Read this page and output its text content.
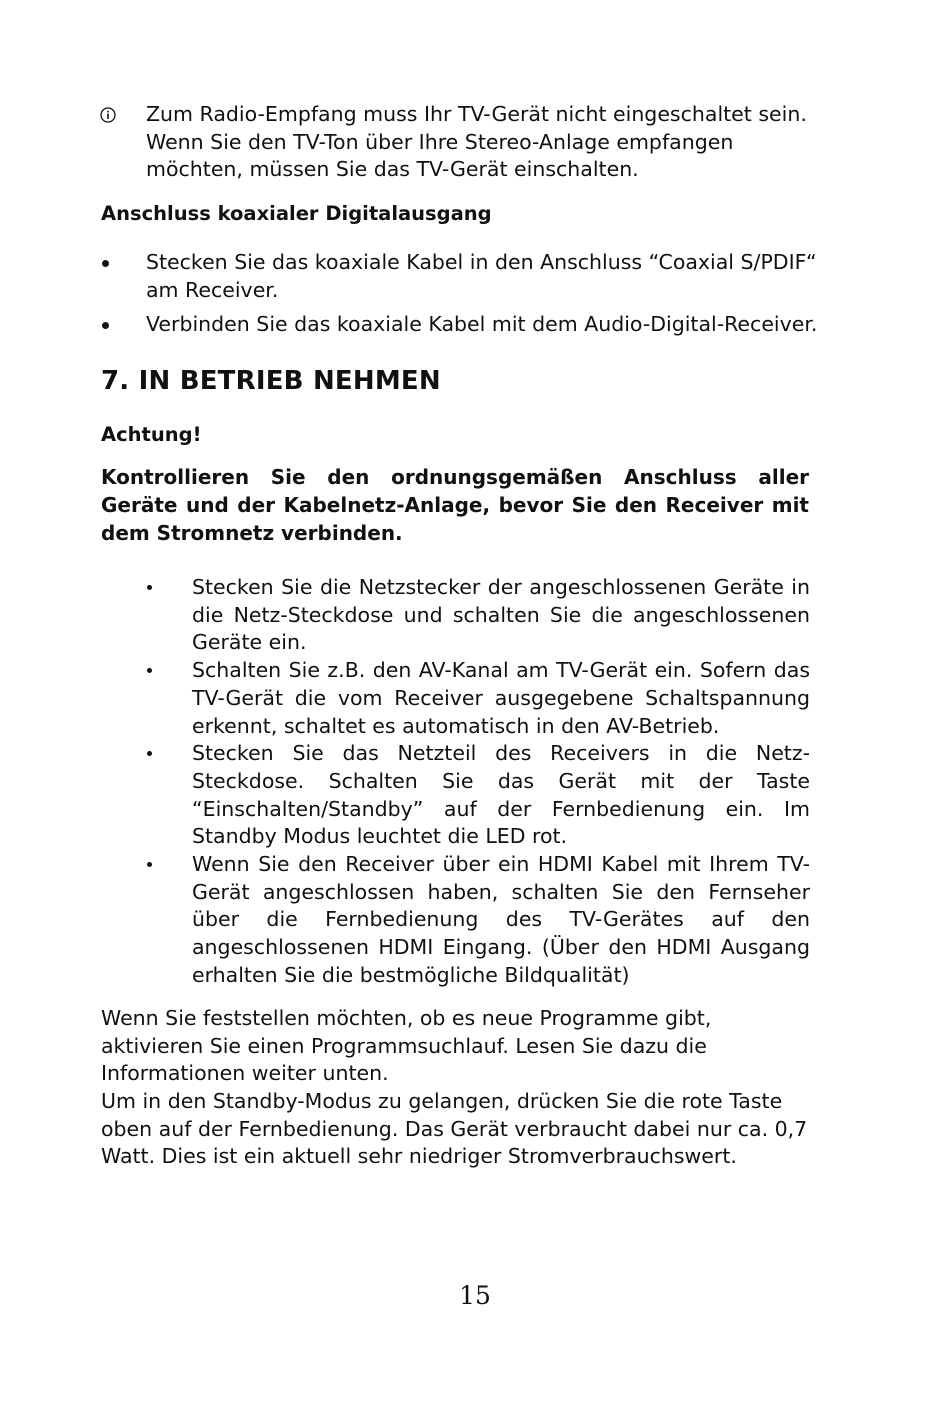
Zum Radio-Empfang muss Ihr TV-Gerät nicht eingeschaltet sein. Wenn Sie den TV-Ton über Ihre Stereo-Anlage empfangen möchten, müssen Sie das TV-Gerät einschalten.
Anschluss koaxialer Digitalausgang
Stecken Sie das koaxiale Kabel in den Anschluss “Coaxial S/PDIF“ am Receiver.
Verbinden Sie das koaxiale Kabel mit dem Audio-Digital-Receiver.
7. IN BETRIEB NEHMEN
Achtung!
Kontrollieren Sie den ordnungsgemäßen Anschluss aller Geräte und der Kabelnetz-Anlage, bevor Sie den Receiver mit dem Stromnetz verbinden.
Stecken Sie die Netzstecker der angeschlossenen Geräte in die Netz-Steckdose und schalten Sie die angeschlossenen Geräte ein.
Schalten Sie z.B. den AV-Kanal am TV-Gerät ein. Sofern das TV-Gerät die vom Receiver ausgegebene Schaltspannung erkennt, schaltet es automatisch in den AV-Betrieb.
Stecken Sie das Netzteil des Receivers in die Netz-Steckdose. Schalten Sie das Gerät mit der Taste “Einschalten/Standby” auf der Fernbedienung ein. Im Standby Modus leuchtet die LED rot.
Wenn Sie den Receiver über ein HDMI Kabel mit Ihrem TV-Gerät angeschlossen haben, schalten Sie den Fernseher über die Fernbedienung des TV-Gerätes auf den angeschlossenen HDMI Eingang. (Über den HDMI Ausgang erhalten Sie die bestmögliche Bildqualität)

Wenn Sie feststellen möchten, ob es neue Programme gibt, aktivieren Sie einen Programmsuchlauf. Lesen Sie dazu die Informationen weiter unten.

Um in den Standby-Modus zu gelangen, drücken Sie die rote Taste oben auf der Fernbedienung. Das Gerät verbraucht dabei nur ca. 0,7 Watt. Dies ist ein aktuell sehr niedriger Stromverbrauchswert.

15
